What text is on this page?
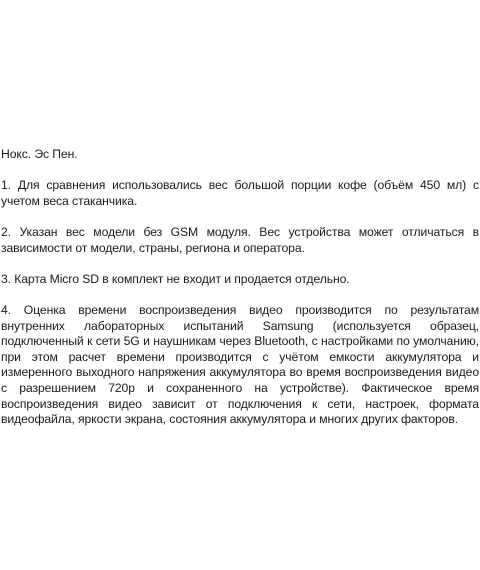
Нокс. Эс Пен.

1. Для сравнения использовались вес большой порции кофе (объём 450 мл) с учетом веса стаканчика.

2. Указан вес модели без GSM модуля. Вес устройства может отличаться в зависимости от модели, страны, региона и оператора.

3. Карта Micro SD в комплект не входит и продается отдельно.

4. Оценка времени воспроизведения видео производится по результатам внутренних лабораторных испытаний Samsung (используется образец, подключенный к сети 5G и наушникам через Bluetooth, с настройками по умолчанию, при этом расчет времени производится с учётом емкости аккумулятора и измеренного выходного напряжения аккумулятора во время воспроизведения видео с разрешением 720p и сохраненного на устройстве). Фактическое время воспроизведения видео зависит от подключения к сети, настроек, формата видеофайла, яркости экрана, состояния аккумулятора и многих других факторов.
